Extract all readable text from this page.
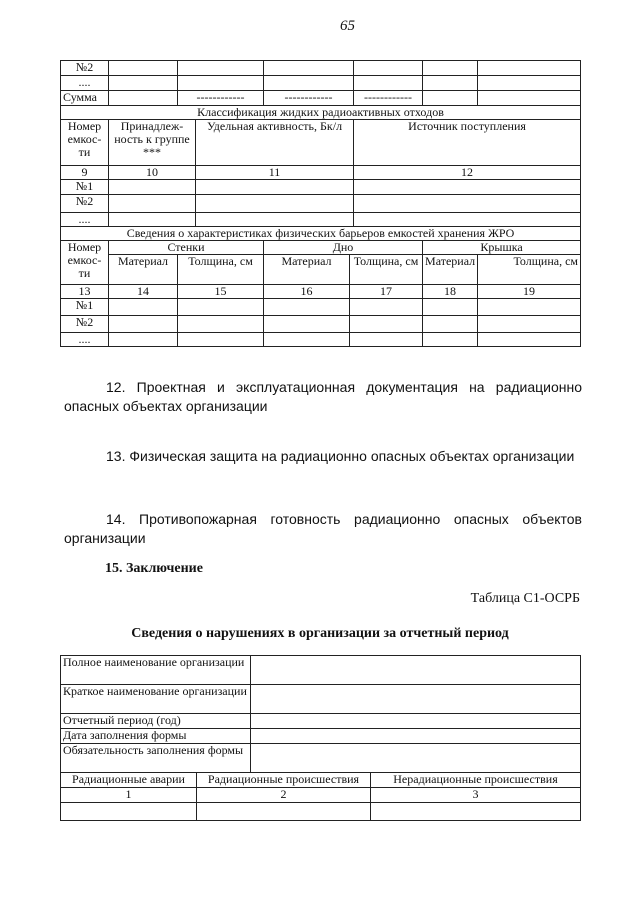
65
№2								
....								
Сумма		------------		------------		------------		
Классификация жидких радиоактивных отходов								
Номер емкос- ти	Принадлеж- ность к группе ***		Удельная активность, Бк/л			Источник поступления		
9	10		11			12		
№1								
№2								
....								
Сведения о характеристиках физических барьеров емкостей хранения ЖРО								
Номер емкос- ти	Стенки			Дно			Крышка	
	Материал	Толщина, см		Материал	Толщина, см		Материал	Толщина, см

13	14	15		16	17		18	19
№1								
№2								
....								
12. Проектная и эксплуатационная документация на радиационно опасных объектах организации
13. Физическая защита на радиационно опасных объектах организации
14. Противопожарная готовность радиационно опасных объектов организации
15. Заключение
Таблица С1-ОСРБ
Сведения о нарушениях в организации за отчетный период
Полное наименование организации			
Краткое наименование организации			
Отчетный период (год)			
Дата заполнения формы			
Обязательность заполнения формы			
Радиационные аварии	Радиационные происшествия		Нерадиационные происшествия
1	2		3
